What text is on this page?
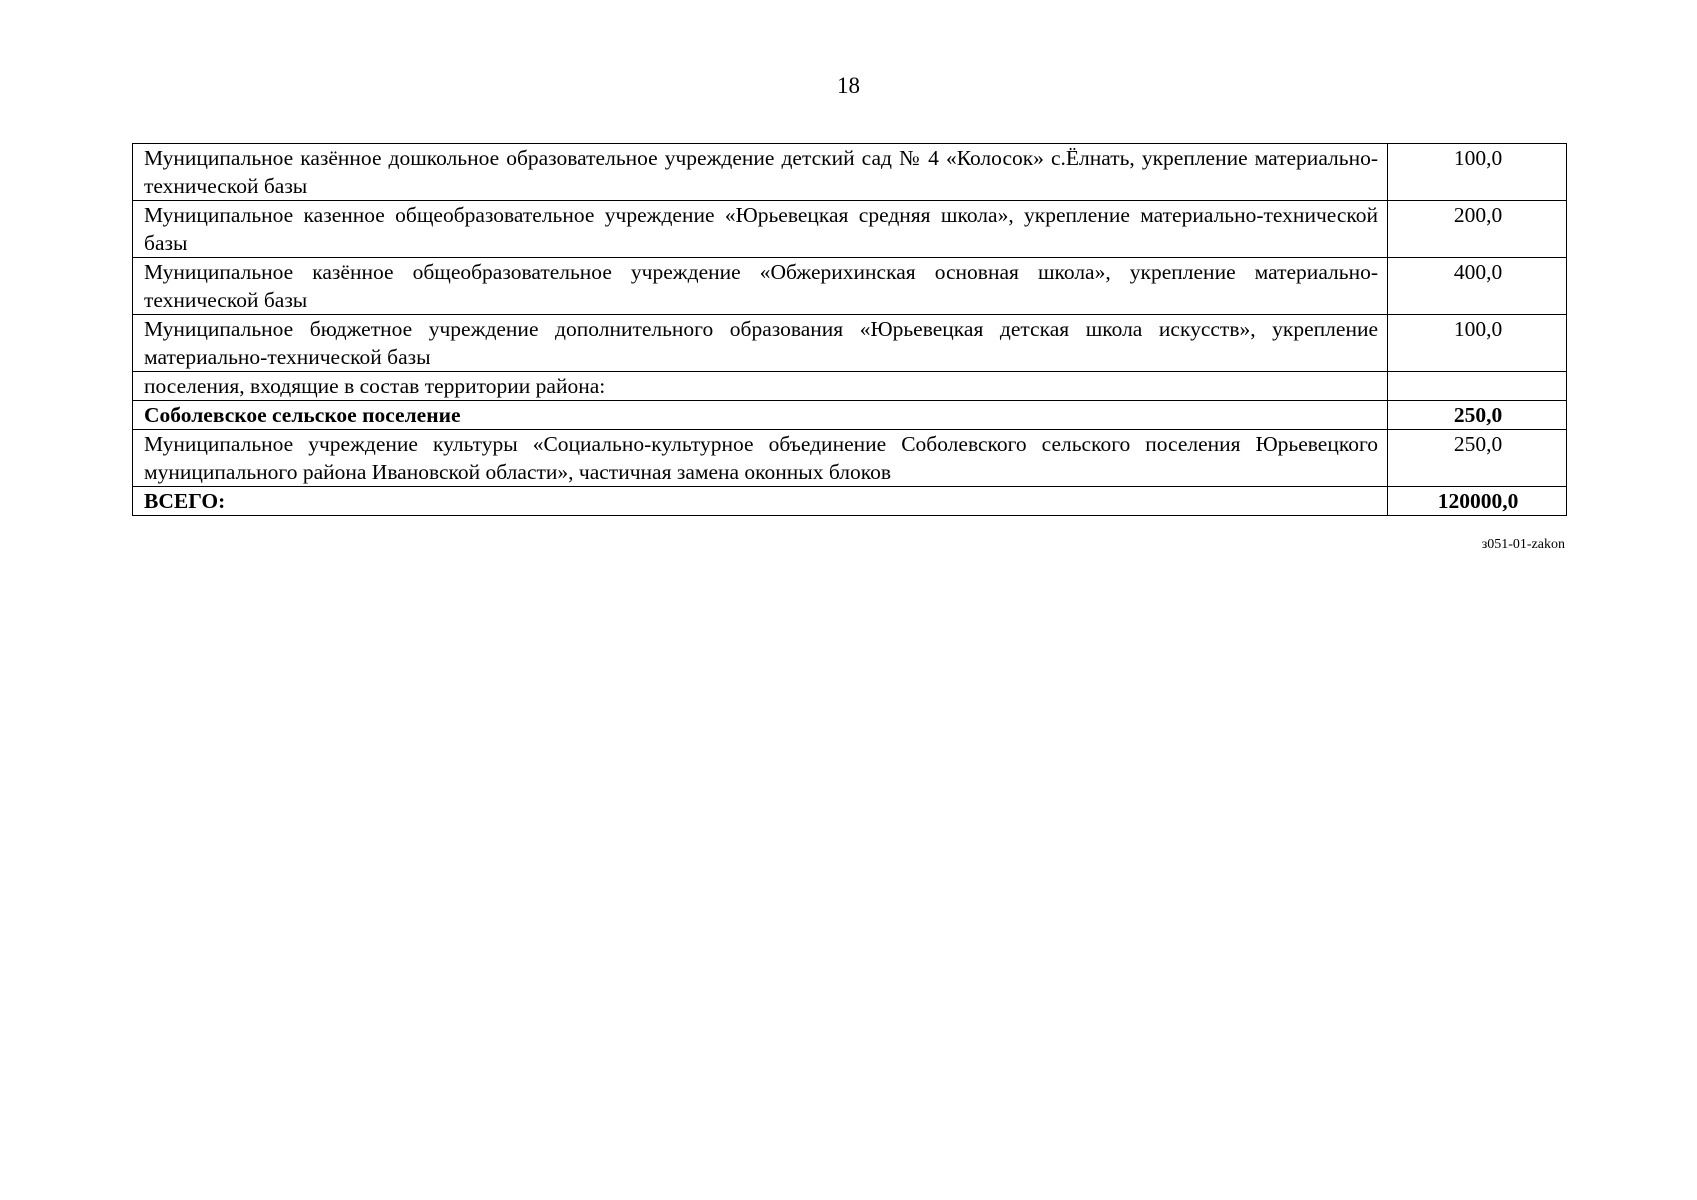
18
Муниципальное казённое дошкольное образовательное учреждение детский сад № 4 «Колосок» с.Ёлнать, укрепление материально-технической базы	100,0
Муниципальное казенное общеобразовательное учреждение «Юрьевецкая средняя школа», укрепление материально-технической базы	200,0
Муниципальное казённое общеобразовательное учреждение «Обжерихинская основная школа», укрепление материально-технической базы	400,0
Муниципальное бюджетное учреждение дополнительного образования «Юрьевецкая детская школа искусств», укрепление материально-технической базы	100,0
поселения, входящие в состав территории района:	
Соболевское сельское поселение	250,0
Муниципальное учреждение культуры «Социально-культурное объединение Соболевского сельского поселения Юрьевецкого муниципального района Ивановской области», частичная замена оконных блоков	250,0
ВСЕГО:	120000,0
з051-01-zakon
